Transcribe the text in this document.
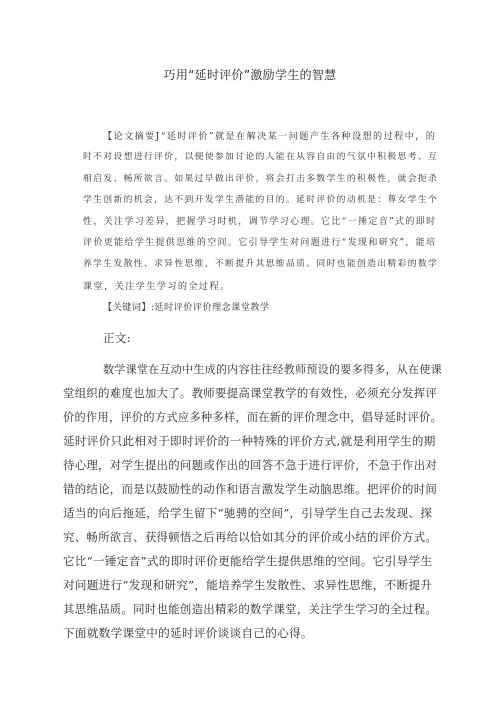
巧用“延时评价”激励学生的智慧
【论文摘要J“延时评价”就是在解决某一问题产生各种设想的过程中，的
时不对设想进行评价，以便使参加讨论的人能在从容自由的气氛中积极思考、互
相启发、畅所欲言。如果过早做出评价，将会打击多数学生的积极性，就会扼杀
学生创新的机会，达不到开发学生潜能的目的。延时评价的动机是：尊女学生个
性，关注学习差异，把握学习时机，调节学习心理。它比“一捶定音”式的即时
评价更能给学生提供思维的空间。它引导学生对问题进行“发现和研究”，能培
养学生发散性、求异性思维，不断提升其思维品质。同时也能创造出精彩的数学
课堂，关注学生学习的全过程。
【关键词】:延时评价评价理念课堂教学
正文:
数学课堂在互动中生成的内容往往经教师预设的要多得多，从在使课
堂组织的难度也加大了。教师要提高课堂教学的有效性，必须充分发挥评
价的作用，评价的方式应多种多样，而在新的评价理念中，倡导延时评价。
延时评价只此相对于即时评价的一种特殊的评价方式,就是利用学生的期
待心理，对学生提出的问题或作出的回答不急于进行评价，不急于作出对
错的结论，而是以鼓励性的动作和语言激发学生动脑思维。把评价的时间
适当的向后拖延，给学生留下“驰骋的空间”，引导学生自己去发现、探
究、畅所欲言、获得顿悟之后再给以恰如其分的评价或小结的评价方式。
它比“一锤定音”式的即时评价更能给学生提供思维的空间。它引导学生
对问题进行“发现和研究”，能培养学生发散性、求异性思维，不断提升
其思维品质。同时也能创造出精彩的数学课堂，关注学生学习的全过程。
下面就数学课堂中的延时评价谈谈自己的心得。
